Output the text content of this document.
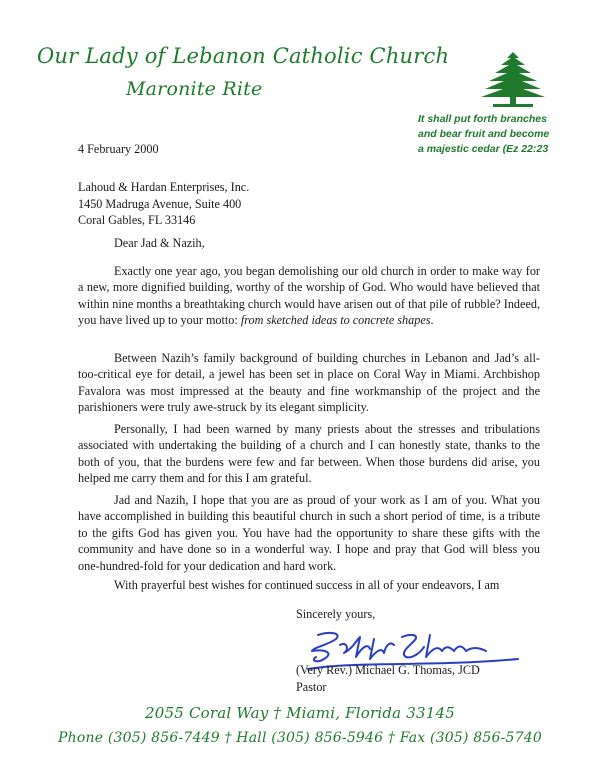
Our Lady of Lebanon Catholic Church
Maronite Rite
It shall put forth branches
and bear fruit and become
a majestic cedar (Ez 22:23
4 February 2000
Lahoud & Hardan Enterprises, Inc.
1450 Madruga Avenue, Suite 400
Coral Gables, FL 33146
Dear Jad & Nazih,

Exactly one year ago, you began demolishing our old church in order to make way for a new, more dignified building, worthy of the worship of God. Who would have believed that within nine months a breathtaking church would have arisen out of that pile of rubble? Indeed, you have lived up to your motto: from sketched ideas to concrete shapes.

Between Nazih’s family background of building churches in Lebanon and Jad’s all-too-critical eye for detail, a jewel has been set in place on Coral Way in Miami. Archbishop Favalora was most impressed at the beauty and fine workmanship of the project and the parishioners were truly awe-struck by its elegant simplicity.

Personally, I had been warned by many priests about the stresses and tribulations associated with undertaking the building of a church and I can honestly state, thanks to the both of you, that the burdens were few and far between. When those burdens did arise, you helped me carry them and for this I am grateful.

Jad and Nazih, I hope that you are as proud of your work as I am of you. What you have accomplished in building this beautiful church in such a short period of time, is a tribute to the gifts God has given you. You have had the opportunity to share these gifts with the community and have done so in a wonderful way. I hope and pray that God will bless you one-hundred-fold for your dedication and hard work.

With prayerful best wishes for continued success in all of your endeavors, I am
Sincerely yours,
(Very Rev.) Michael G. Thomas, JCD
Pastor
2055 Coral Way † Miami, Florida 33145
Phone (305) 856-7449 † Hall (305) 856-5946 † Fax (305) 856-5740
